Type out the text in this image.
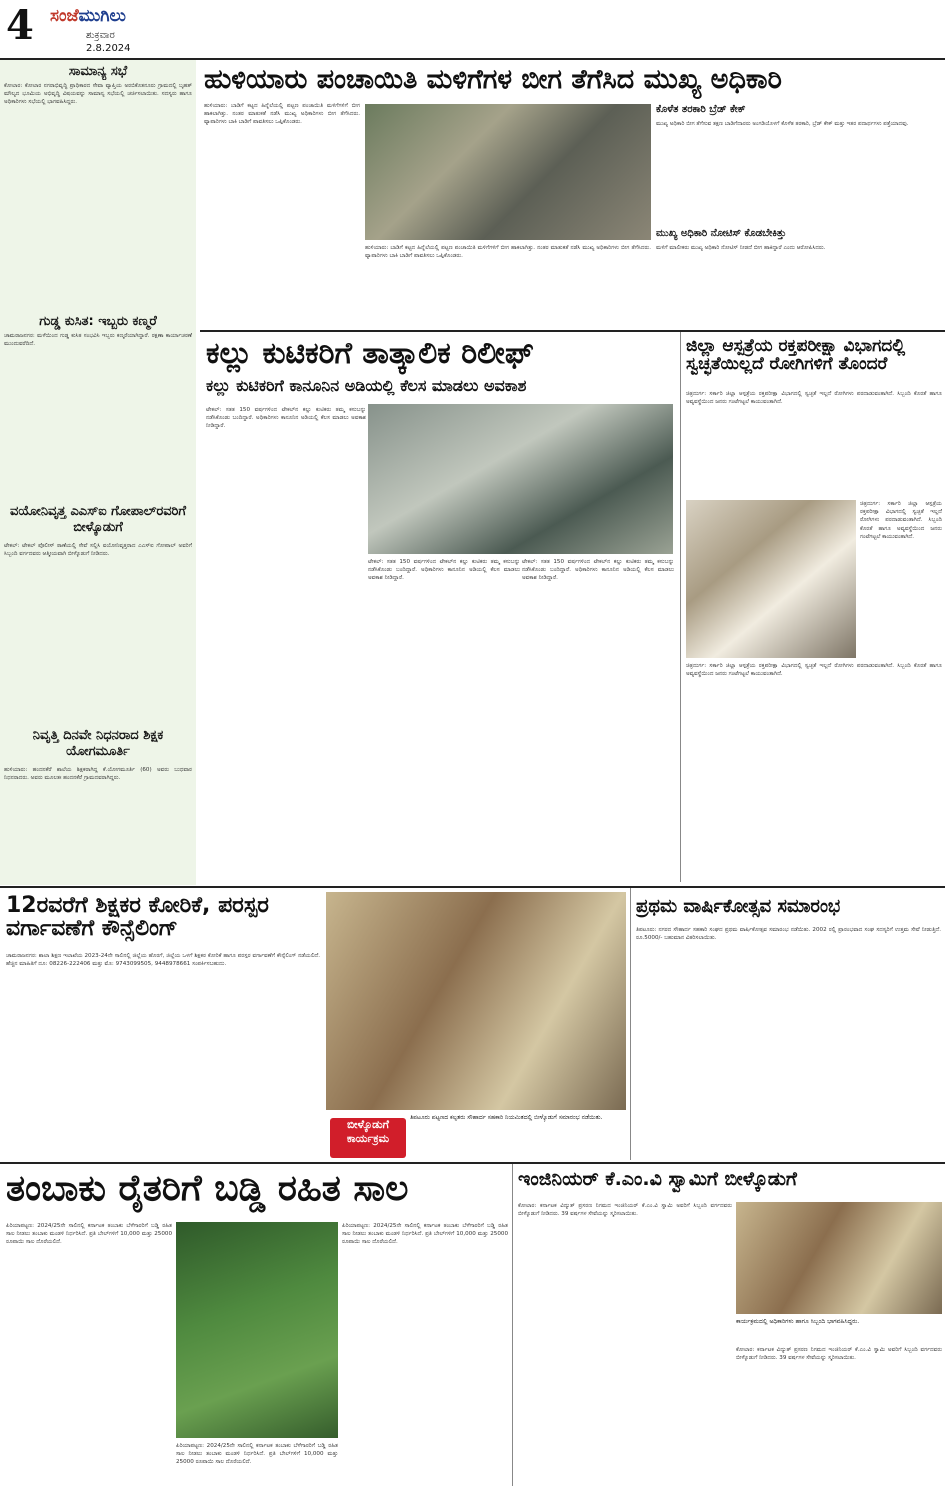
4 ಸಂಜೆಮುಗಿಲು
ಶುಕ್ರವಾರ
2.8.2024
ಸಾಮಾನ್ಯ ಸಭೆ
ಕೋಲಾರ: ಕೋಲಾರ ನಗರಾಭಿವೃದ್ಧಿ ಪ್ರಾಧಿಕಾರದ ಸೇವಾ ವ್ಯಾಪ್ತಿಯ ಅರಬಿಕೊತನೂರು ಗ್ರಾಮದಲ್ಲಿ ಬೃಹತ್ ಮೌಲ್ಯದ ಭೂಮಿಯ ಅಭಿವೃದ್ಧಿ ವಿಷಯವನ್ನು ಸಾಮಾನ್ಯ ಸಭೆಯಲ್ಲಿ ಚರ್ಚಿಸಲಾಯಿತು. ಸದಸ್ಯರು ಹಾಗೂ ಅಧಿಕಾರಿಗಳು ಸಭೆಯಲ್ಲಿ ಭಾಗವಹಿಸಿದ್ದರು.
ಗುಡ್ಡ ಕುಸಿತ: ಇಬ್ಬರು ಕಣ್ಮರೆ
ಚಾಮರಾಜನಗರ: ಮಳೆಯಿಂದ ಗುಡ್ಡ ಕುಸಿತ ಸಂಭವಿಸಿ ಇಬ್ಬರು ಕಣ್ಮರೆಯಾಗಿದ್ದಾರೆ. ರಕ್ಷಣಾ ಕಾರ್ಯಾಚರಣೆ ಮುಂದುವರೆದಿದೆ.
ವಯೋನಿವೃತ್ತ ಎಎಸ್‌ಐ ಗೋಪಾಲ್‌ರವರಿಗೆ ಬೀಳ್ಕೊಡುಗೆ
ಟೇಕಲ್: ಟೇಕಲ್ ಪೊಲೀಸ್ ಠಾಣೆಯಲ್ಲಿ ಸೇವೆ ಸಲ್ಲಿಸಿ ವಯೋನಿವೃತ್ತರಾದ ಎಎಸ್‌ಐ ಗೋಪಾಲ್ ಅವರಿಗೆ ಸಿಬ್ಬಂದಿ ವರ್ಗದವರು ಆತ್ಮೀಯವಾಗಿ ಬೀಳ್ಕೊಡುಗೆ ನೀಡಿದರು.
ನಿವೃತ್ತಿ ದಿನವೇ ನಿಧನರಾದ ಶಿಕ್ಷಕ ಯೋಗಮೂರ್ತಿ
ಹುಳಿಯಾರು: ಹಂದನಕೆರೆ ಶಾಲೆಯ ಶಿಕ್ಷಕರಾಗಿದ್ದ ಕೆ.ಯೋಗಮೂರ್ತಿ (60) ಅವರು ಬುಧವಾರ ನಿಧನರಾದರು. ಅವರು ಮೂಲತಃ ಹಂದನಕೆರೆ ಗ್ರಾಮದವರಾಗಿದ್ದರು.
ಹುಳಿಯಾರು ಪಂಚಾಯಿತಿ ಮಳಿಗೆಗಳ ಬೀಗ ತೆಗೆಸಿದ ಮುಖ್ಯ ಅಧಿಕಾರಿ
ಹುಳಿಯಾರು: ಬಾಡಿಗೆ ಕಟ್ಟದ ಹಿನ್ನೆಲೆಯಲ್ಲಿ ಪಟ್ಟಣ ಪಂಚಾಯಿತಿ ಮಳಿಗೆಗಳಿಗೆ ಬೀಗ ಹಾಕಲಾಗಿತ್ತು. ನಂತರ ಮಾತುಕತೆ ನಡೆಸಿ ಮುಖ್ಯ ಅಧಿಕಾರಿಗಳು ಬೀಗ ತೆಗೆಸಿದರು. ವ್ಯಾಪಾರಿಗಳು ಬಾಕಿ ಬಾಡಿಗೆ ಪಾವತಿಸಲು ಒಪ್ಪಿಕೊಂಡರು.
ಹುಳಿಯಾರು: ಬಾಡಿಗೆ ಕಟ್ಟದ ಹಿನ್ನೆಲೆಯಲ್ಲಿ ಪಟ್ಟಣ ಪಂಚಾಯಿತಿ ಮಳಿಗೆಗಳಿಗೆ ಬೀಗ ಹಾಕಲಾಗಿತ್ತು. ನಂತರ ಮಾತುಕತೆ ನಡೆಸಿ ಮುಖ್ಯ ಅಧಿಕಾರಿಗಳು ಬೀಗ ತೆಗೆಸಿದರು. ವ್ಯಾಪಾರಿಗಳು ಬಾಕಿ ಬಾಡಿಗೆ ಪಾವತಿಸಲು ಒಪ್ಪಿಕೊಂಡರು.
ಕೊಳೆತ ತರಕಾರಿ ಬ್ರೆಡ್ ಕೇಕ್
ಮುಖ್ಯ ಅಧಿಕಾರಿ ಬೀಗ ತೆಗೆಸುವ ತಕ್ಷಣ ಬಾಡಿಗೆದಾರರು ಅಂಗಡಿಯೊಳಗೆ ಕೊಳೆತ ತರಕಾರಿ, ಬ್ರೆಡ್ ಕೇಕ್ ಮತ್ತು ಇತರ ಪದಾರ್ಥಗಳು ಪತ್ತೆಯಾದವು.
ಮುಖ್ಯ ಅಧಿಕಾರಿ ನೋಟಿಸ್ ಕೊಡಬೇಕಿತ್ತು
ಮಳಿಗೆ ಮಾಲೀಕರು ಮುಖ್ಯ ಅಧಿಕಾರಿ ನೋಟಿಸ್ ನೀಡದೆ ಬೀಗ ಹಾಕಿದ್ದಾರೆ ಎಂದು ಆರೋಪಿಸಿದರು.
ಕಲ್ಲು ಕುಟಿಕರಿಗೆ ತಾತ್ಕಾಲಿಕ ರಿಲೀಫ್
ಕಲ್ಲು ಕುಟಿಕರಿಗೆ ಕಾನೂನಿನ ಅಡಿಯಲ್ಲಿ ಕೆಲಸ ಮಾಡಲು ಅವಕಾಶ
ಟೇಕಲ್: ಸತತ 150 ವರ್ಷಗಳಿಂದ ಟೇಕಲ್‌ನ ಕಲ್ಲು ಕುಟಿಕರು ತಮ್ಮ ಕಸುಬನ್ನು ನಡೆಸಿಕೊಂಡು ಬಂದಿದ್ದಾರೆ. ಅಧಿಕಾರಿಗಳು ಕಾನೂನಿನ ಅಡಿಯಲ್ಲಿ ಕೆಲಸ ಮಾಡಲು ಅವಕಾಶ ನೀಡಿದ್ದಾರೆ.
ಟೇಕಲ್: ಸತತ 150 ವರ್ಷಗಳಿಂದ ಟೇಕಲ್‌ನ ಕಲ್ಲು ಕುಟಿಕರು ತಮ್ಮ ಕಸುಬನ್ನು ನಡೆಸಿಕೊಂಡು ಬಂದಿದ್ದಾರೆ. ಅಧಿಕಾರಿಗಳು ಕಾನೂನಿನ ಅಡಿಯಲ್ಲಿ ಕೆಲಸ ಮಾಡಲು ಅವಕಾಶ ನೀಡಿದ್ದಾರೆ.
ಟೇಕಲ್: ಸತತ 150 ವರ್ಷಗಳಿಂದ ಟೇಕಲ್‌ನ ಕಲ್ಲು ಕುಟಿಕರು ತಮ್ಮ ಕಸುಬನ್ನು ನಡೆಸಿಕೊಂಡು ಬಂದಿದ್ದಾರೆ. ಅಧಿಕಾರಿಗಳು ಕಾನೂನಿನ ಅಡಿಯಲ್ಲಿ ಕೆಲಸ ಮಾಡಲು ಅವಕಾಶ ನೀಡಿದ್ದಾರೆ.
ಜಿಲ್ಲಾ ಆಸ್ಪತ್ರೆಯ ರಕ್ತಪರೀಕ್ಷಾ ವಿಭಾಗದಲ್ಲಿ ಸ್ವಚ್ಛತೆಯಿಲ್ಲದೆ ರೋಗಿಗಳಿಗೆ ತೊಂದರೆ
ಚಿತ್ರದುರ್ಗ: ಸರ್ಕಾರಿ ಜಿಲ್ಲಾ ಆಸ್ಪತ್ರೆಯ ರಕ್ತಪರೀಕ್ಷಾ ವಿಭಾಗದಲ್ಲಿ ಸ್ವಚ್ಛತೆ ಇಲ್ಲದೆ ರೋಗಿಗಳು ಪರದಾಡುವಂತಾಗಿದೆ. ಸಿಬ್ಬಂದಿ ಕೊರತೆ ಹಾಗೂ ಅವ್ಯವಸ್ಥೆಯಿಂದ ಜನರು ಗಂಟೆಗಟ್ಟಲೆ ಕಾಯುವಂತಾಗಿದೆ.
ಚಿತ್ರದುರ್ಗ: ಸರ್ಕಾರಿ ಜಿಲ್ಲಾ ಆಸ್ಪತ್ರೆಯ ರಕ್ತಪರೀಕ್ಷಾ ವಿಭಾಗದಲ್ಲಿ ಸ್ವಚ್ಛತೆ ಇಲ್ಲದೆ ರೋಗಿಗಳು ಪರದಾಡುವಂತಾಗಿದೆ. ಸಿಬ್ಬಂದಿ ಕೊರತೆ ಹಾಗೂ ಅವ್ಯವಸ್ಥೆಯಿಂದ ಜನರು ಗಂಟೆಗಟ್ಟಲೆ ಕಾಯುವಂತಾಗಿದೆ.
ಚಿತ್ರದುರ್ಗ: ಸರ್ಕಾರಿ ಜಿಲ್ಲಾ ಆಸ್ಪತ್ರೆಯ ರಕ್ತಪರೀಕ್ಷಾ ವಿಭಾಗದಲ್ಲಿ ಸ್ವಚ್ಛತೆ ಇಲ್ಲದೆ ರೋಗಿಗಳು ಪರದಾಡುವಂತಾಗಿದೆ. ಸಿಬ್ಬಂದಿ ಕೊರತೆ ಹಾಗೂ ಅವ್ಯವಸ್ಥೆಯಿಂದ ಜನರು ಗಂಟೆಗಟ್ಟಲೆ ಕಾಯುವಂತಾಗಿದೆ.
12ರವರೆಗೆ ಶಿಕ್ಷಕರ ಕೋರಿಕೆ, ಪರಸ್ಪರ ವರ್ಗಾವಣೆಗೆ ಕೌನ್ಸೆಲಿಂಗ್
ಚಾಮರಾಜನಗರ: ಶಾಲಾ ಶಿಕ್ಷಣ ಇಲಾಖೆಯ 2023-24ನೇ ಸಾಲಿನಲ್ಲಿ ಜಿಲ್ಲೆಯ ಹೊರಗೆ, ಜಿಲ್ಲೆಯ ಒಳಗೆ ಶಿಕ್ಷಕರ ಕೋರಿಕೆ ಹಾಗೂ ಪರಸ್ಪರ ವರ್ಗಾವಣೆಗೆ ಕೌನ್ಸೆಲಿಂಗ್ ನಡೆಯಲಿದೆ. ಹೆಚ್ಚಿನ ಮಾಹಿತಿಗೆ ದೂ: 08226-222406 ಮತ್ತು ಮೊ: 9743099505, 9448978661 ಸಂಪರ್ಕಿಸಬಹುದು.
ಬೀಳ್ಕೊಡುಗೆ
ಕಾರ್ಯಕ್ರಮ
ತಿಪಟೂರು ಪಟ್ಟಣದ ಕಲ್ಪತರು ಸೌಹಾರ್ದ ಸಹಕಾರಿ ನಿಯಮಿತದಲ್ಲಿ ಬೀಳ್ಕೊಡುಗೆ ಸಮಾರಂಭ ನಡೆಯಿತು.
ಪ್ರಥಮ ವಾರ್ಷಿಕೋತ್ಸವ ಸಮಾರಂಭ
ತಿಪಟೂರು: ನಗರದ ಸೌಹಾರ್ದ ಸಹಕಾರಿ ಸಂಘದ ಪ್ರಥಮ ವಾರ್ಷಿಕೋತ್ಸವ ಸಮಾರಂಭ ನಡೆಯಿತು. 2002 ರಲ್ಲಿ ಪ್ರಾರಂಭವಾದ ಸಂಘ ಸದಸ್ಯರಿಗೆ ಉತ್ತಮ ಸೇವೆ ನೀಡುತ್ತಿದೆ. ರೂ.5000/- ಬಹುಮಾನ ವಿತರಿಸಲಾಯಿತು.
ತಂಬಾಕು ರೈತರಿಗೆ ಬಡ್ಡಿ ರಹಿತ ಸಾಲ
ಪಿರಿಯಾಪಟ್ಟಣ: 2024/25ನೇ ಸಾಲಿನಲ್ಲಿ ಕರ್ನಾಟಕ ತಂಬಾಕು ಬೆಳೆಗಾರರಿಗೆ ಬಡ್ಡಿ ರಹಿತ ಸಾಲ ನೀಡಲು ತಂಬಾಕು ಮಂಡಳಿ ನಿರ್ಧರಿಸಿದೆ. ಪ್ರತಿ ಬೇಲ್‌ಗಳಿಗೆ 10,000 ಮತ್ತು 25000 ರೂಪಾಯಿ ಸಾಲ ದೊರೆಯಲಿದೆ.
ಪಿರಿಯಾಪಟ್ಟಣ: 2024/25ನೇ ಸಾಲಿನಲ್ಲಿ ಕರ್ನಾಟಕ ತಂಬಾಕು ಬೆಳೆಗಾರರಿಗೆ ಬಡ್ಡಿ ರಹಿತ ಸಾಲ ನೀಡಲು ತಂಬಾಕು ಮಂಡಳಿ ನಿರ್ಧರಿಸಿದೆ. ಪ್ರತಿ ಬೇಲ್‌ಗಳಿಗೆ 10,000 ಮತ್ತು 25000 ರೂಪಾಯಿ ಸಾಲ ದೊರೆಯಲಿದೆ.
ಪಿರಿಯಾಪಟ್ಟಣ: 2024/25ನೇ ಸಾಲಿನಲ್ಲಿ ಕರ್ನಾಟಕ ತಂಬಾಕು ಬೆಳೆಗಾರರಿಗೆ ಬಡ್ಡಿ ರಹಿತ ಸಾಲ ನೀಡಲು ತಂಬಾಕು ಮಂಡಳಿ ನಿರ್ಧರಿಸಿದೆ. ಪ್ರತಿ ಬೇಲ್‌ಗಳಿಗೆ 10,000 ಮತ್ತು 25000 ರೂಪಾಯಿ ಸಾಲ ದೊರೆಯಲಿದೆ.
ಇಂಜಿನಿಯರ್ ಕೆ.ಎಂ.ವಿ ಸ್ವಾಮಿಗೆ ಬೀಳ್ಕೊಡುಗೆ
ಕೋಲಾರ: ಕರ್ನಾಟಕ ವಿದ್ಯುತ್ ಪ್ರಸರಣ ನಿಗಮದ ಇಂಜಿನಿಯರ್ ಕೆ.ಎಂ.ವಿ ಸ್ವಾಮಿ ಅವರಿಗೆ ಸಿಬ್ಬಂದಿ ವರ್ಗದವರು ಬೀಳ್ಕೊಡುಗೆ ನೀಡಿದರು. 39 ವರ್ಷಗಳ ಸೇವೆಯನ್ನು ಸ್ಮರಿಸಲಾಯಿತು.
ಕಾರ್ಯಕ್ರಮದಲ್ಲಿ ಅಧಿಕಾರಿಗಳು ಹಾಗೂ ಸಿಬ್ಬಂದಿ ಭಾಗವಹಿಸಿದ್ದರು.
ಕೋಲಾರ: ಕರ್ನಾಟಕ ವಿದ್ಯುತ್ ಪ್ರಸರಣ ನಿಗಮದ ಇಂಜಿನಿಯರ್ ಕೆ.ಎಂ.ವಿ ಸ್ವಾಮಿ ಅವರಿಗೆ ಸಿಬ್ಬಂದಿ ವರ್ಗದವರು ಬೀಳ್ಕೊಡುಗೆ ನೀಡಿದರು. 39 ವರ್ಷಗಳ ಸೇವೆಯನ್ನು ಸ್ಮರಿಸಲಾಯಿತು.
